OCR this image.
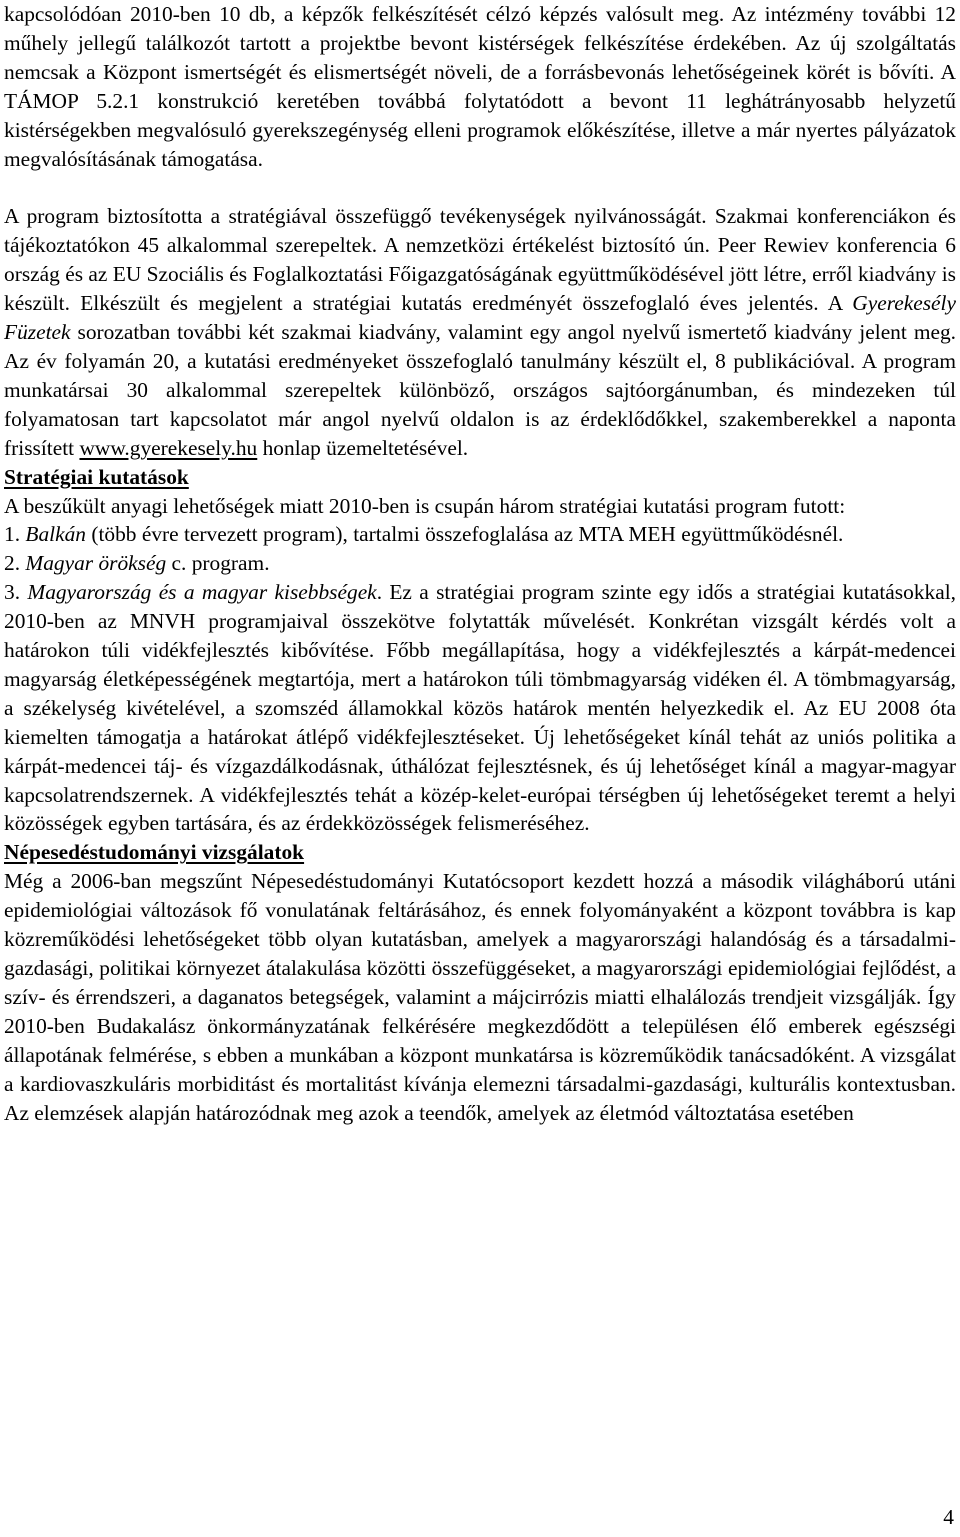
kapcsolódóan 2010-ben 10 db, a képzők felkészítését célzó képzés valósult meg. Az intézmény további 12 műhely jellegű találkozót tartott a projektbe bevont kistérségek felkészítése érdekében. Az új szolgáltatás nemcsak a Központ ismertségét és elismertségét növeli, de a forrásbevonás lehetőségeinek körét is bővíti. A TÁMOP 5.2.1 konstrukció keretében továbbá folytatódott a bevont 11 leghátrányosabb helyzetű kistérségekben megvalósuló gyerekszegénység elleni programok előkészítése, illetve a már nyertes pályázatok megvalósításának támogatása.

A program biztosította a stratégiával összefüggő tevékenységek nyilvánosságát. Szakmai konferenciákon és tájékoztatókon 45 alkalommal szerepeltek. A nemzetközi értékelést biztosító ún. Peer Rewiev konferencia 6 ország és az EU Szociális és Foglalkoztatási Főigazgatóságának együttműködésével jött létre, erről kiadvány is készült. Elkészült és megjelent a stratégiai kutatás eredményét összefoglaló éves jelentés. A Gyerekesély Füzetek sorozatban további két szakmai kiadvány, valamint egy angol nyelvű ismertető kiadvány jelent meg. Az év folyamán 20, a kutatási eredményeket összefoglaló tanulmány készült el, 8 publikációval. A program munkatársai 30 alkalommal szerepeltek különböző, országos sajtóorgánumban, és mindezeken túl folyamatosan tart kapcsolatot már angol nyelvű oldalon is az érdeklődőkkel, szakemberekkel a naponta frissített www.gyerekesely.hu honlap üzemeltetésével.

Stratégiai kutatások

A beszűkült anyagi lehetőségek miatt 2010-ben is csupán három stratégiai kutatási program futott:

1. Balkán (több évre tervezett program), tartalmi összefoglalása az MTA MEH együttműködésnél.

2. Magyar örökség c. program.

3. Magyarország és a magyar kisebbségek. Ez a stratégiai program szinte egy idős a stratégiai kutatásokkal, 2010-ben az MNVH programjaival összekötve folytatták művelését. Konkrétan vizsgált kérdés volt a határokon túli vidékfejlesztés kibővítése. Főbb megállapítása, hogy a vidékfejlesztés a kárpát-medencei magyarság életképességének megtartója, mert a határokon túli tömbmagyarság vidéken él. A tömbmagyarság, a székelység kivételével, a szomszéd államokkal közös határok mentén helyezkedik el. Az EU 2008 óta kiemelten támogatja a határokat átlépő vidékfejlesztéseket. Új lehetőségeket kínál tehát az uniós politika a kárpát-medencei táj- és vízgazdálkodásnak, úthálózat fejlesztésnek, és új lehetőséget kínál a magyar-magyar kapcsolatrendszernek. A vidékfejlesztés tehát a közép-kelet-európai térségben új lehetőségeket teremt a helyi közösségek egyben tartására, és az érdekközösségek felismeréséhez.

Népesedéstudományi vizsgálatok

Még a 2006-ban megszűnt Népesedéstudományi Kutatócsoport kezdett hozzá a második világháború utáni epidemiológiai változások fő vonulatának feltárásához, és ennek folyományaként a központ továbbra is kap közreműködési lehetőségeket több olyan kutatásban, amelyek a magyarországi halandóság és a társadalmi-gazdasági, politikai környezet átalakulása közötti összefüggéseket, a magyarországi epidemiológiai fejlődést, a szív- és érrendszeri, a daganatos betegségek, valamint a májcirrózis miatti elhalálozás trendjeit vizsgálják. Így 2010-ben Budakalász önkormányzatának felkérésére megkezdődött a településen élő emberek egészségi állapotának felmérése, s ebben a munkában a központ munkatársa is közreműködik tanácsadóként. A vizsgálat a kardiovaszkuláris morbiditást és mortalitást kívánja elemezni társadalmi-gazdasági, kulturális kontextusban. Az elemzések alapján határozódnak meg azok a teendők, amelyek az életmód változtatása esetében

4
